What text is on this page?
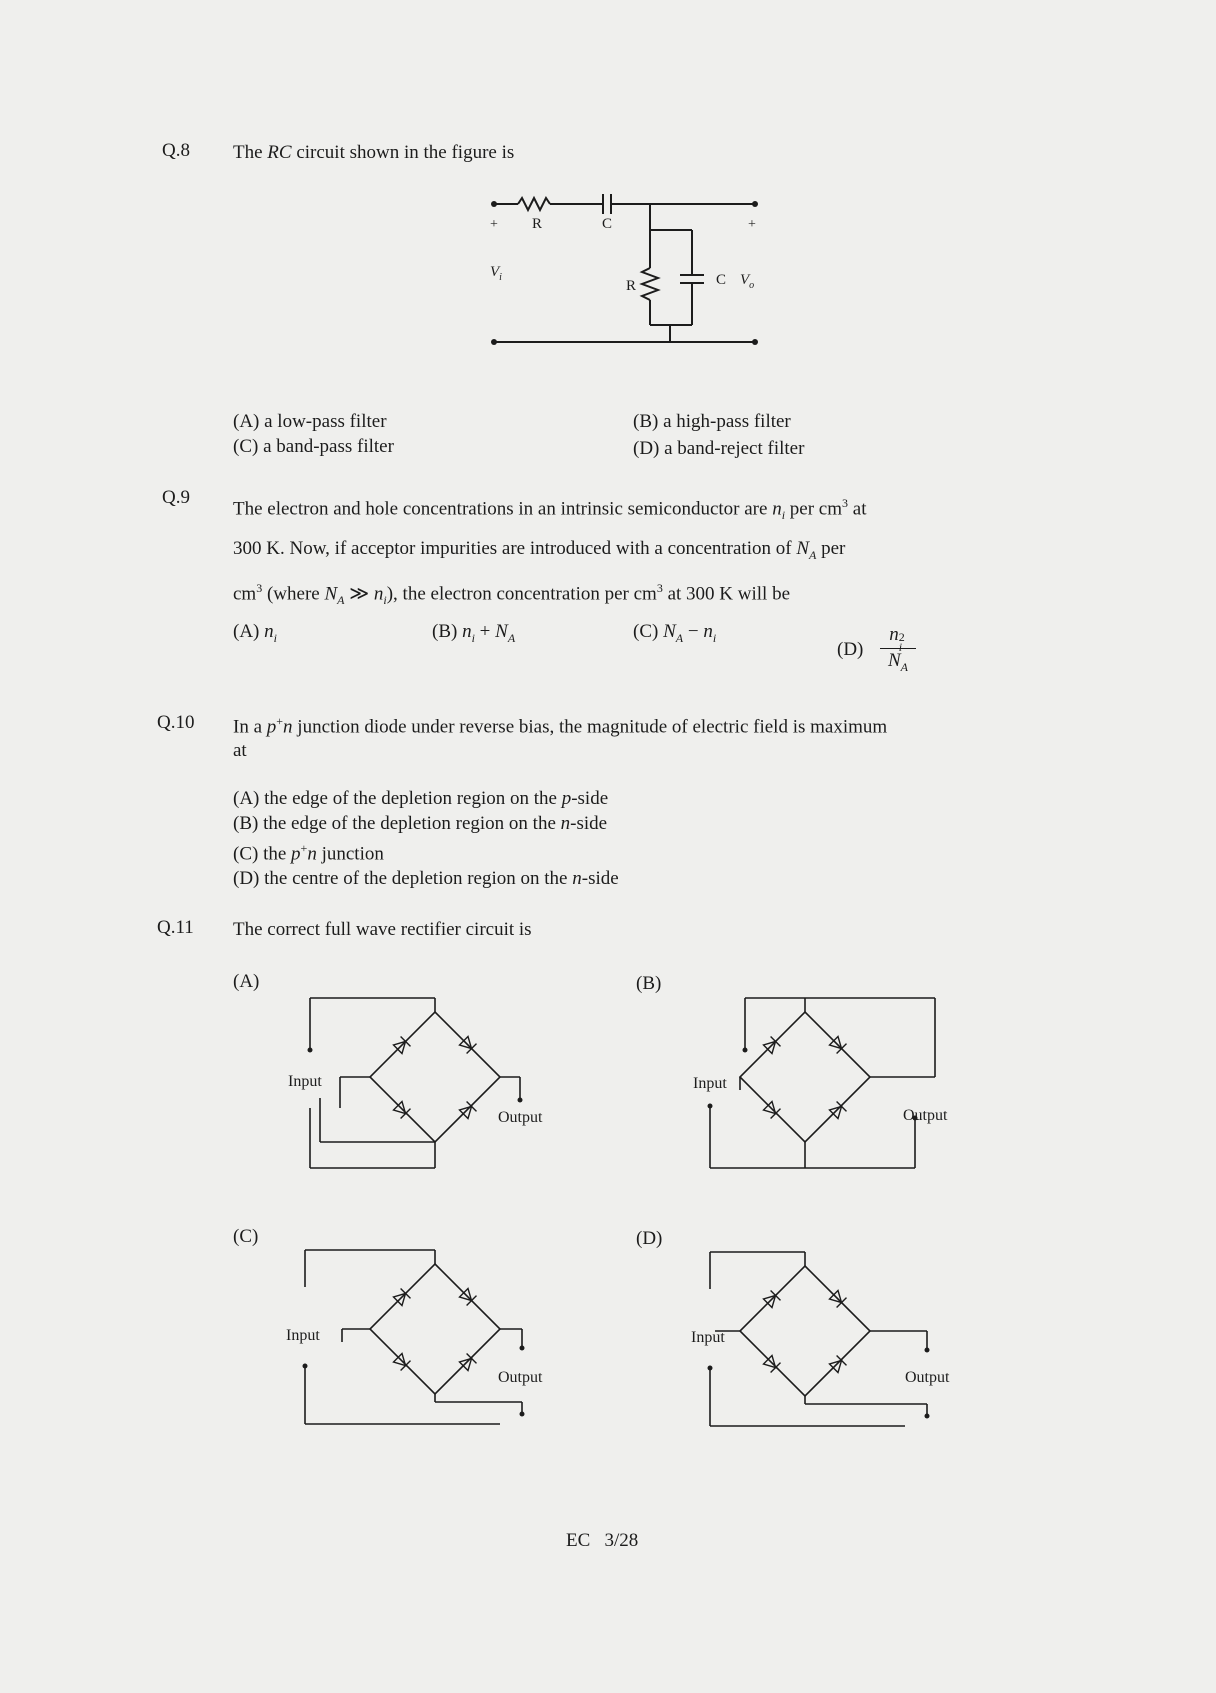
Q.8 The RC circuit shown in the figure is
+	+
R	C
R	C
$V_i$	$V_o$
(A) a low-pass filter	(B) a high-pass filter
(C) a band-pass filter	(D) a band-reject filter
Q.9
The electron and hole concentrations in an intrinsic semiconductor are $n_i$ per $cm^3$ at
300 K. Now, if acceptor impurities are introduced with a concentration of $N_A$ per
$cm^3$ (where $N_A$ ≫ $n_i$), the electron concentration per $cm^3$ at 300 K will be
(A) $n_i$	(B) $n_i + N_A$	(C) $N_A - n_i$
(D)
n 2
i
$N_A$
Q.10 In a p+n junction diode under reverse bias, the magnitude of electric field is maximum
at
(A) the edge of the depletion region on the p-side
(B) the edge of the depletion region on the n-side
(C) the p+n junction
(D) the centre of the depletion region on the n-side
Q.11 The correct full wave rectifier circuit is
(A)	(B)
(C)	(D)
Input
Output
Input
Output
Input
Output
Input
Output
EC   3/28
